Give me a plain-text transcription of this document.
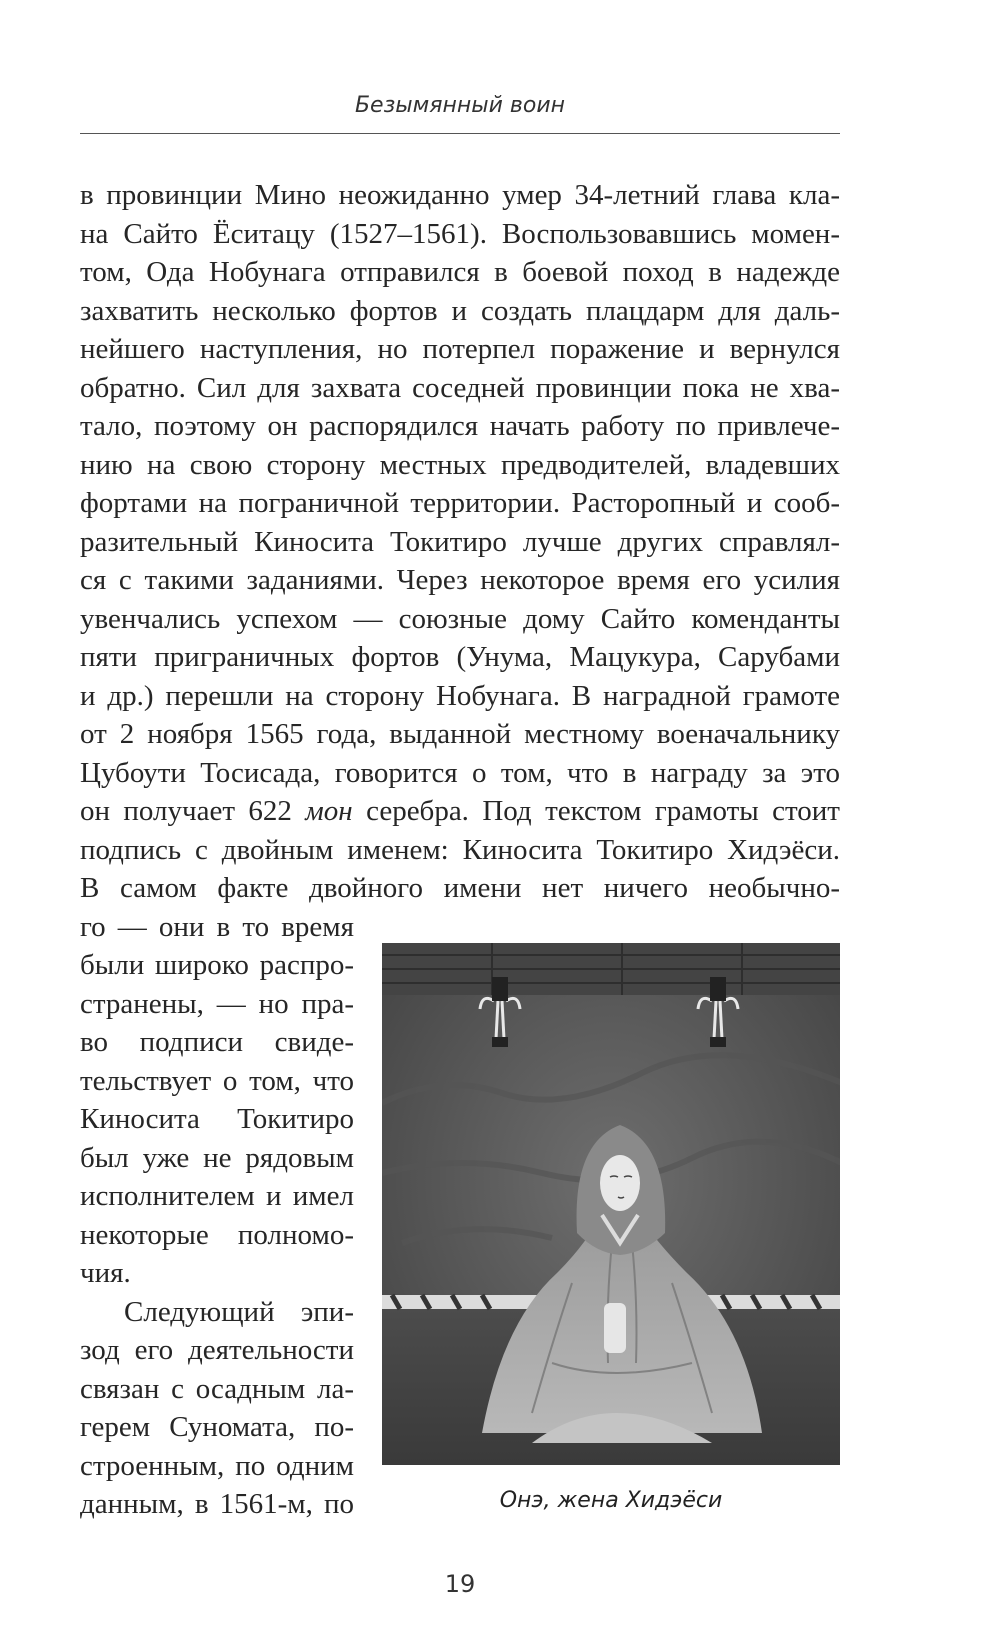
Безымянный воин
в провинции Мино неожиданно умер 34-летний глава кла-
на Сайто Ёситацу (1527–1561). Воспользовавшись момен-
том, Ода Нобунага отправился в боевой поход в надежде
захватить несколько фортов и создать плацдарм для даль-
нейшего наступления, но потерпел поражение и вернулся
обратно. Сил для захвата соседней провинции пока не хва-
тало, поэтому он распорядился начать работу по привлече-
нию на свою сторону местных предводителей, владевших
фортами на пограничной территории. Расторопный и сооб-
разительный Киносита Токитиро лучше других справлял-
ся с такими заданиями. Через некоторое время его усилия
увенчались успехом — союзные дому Сайто коменданты
пяти приграничных фортов (Унума, Мацукура, Сарубами
и др.) перешли на сторону Нобунага. В наградной грамоте
от 2 ноября 1565 года, выданной местному военачальнику
Цубоути Тосисада, говорится о том, что в награду за это
он получает 622 мон серебра. Под текстом грамоты стоит
подпись с двойным именем: Киносита Токитиро Хидэёси.
В самом факте двойного имени нет ничего необычно-
Онэ, жена Хидэёси
го — они в то время
были широко распро-
странены, — но пра-
во подписи свиде-
тельствует о том, что
Киносита Токитиро
был уже не рядовым
исполнителем и имел
некоторые полномо-
чия.
Следующий эпи-
зод его деятельности
связан с осадным ла-
герем Суномата, по-
строенным, по одним
данным, в 1561-м, по
19
